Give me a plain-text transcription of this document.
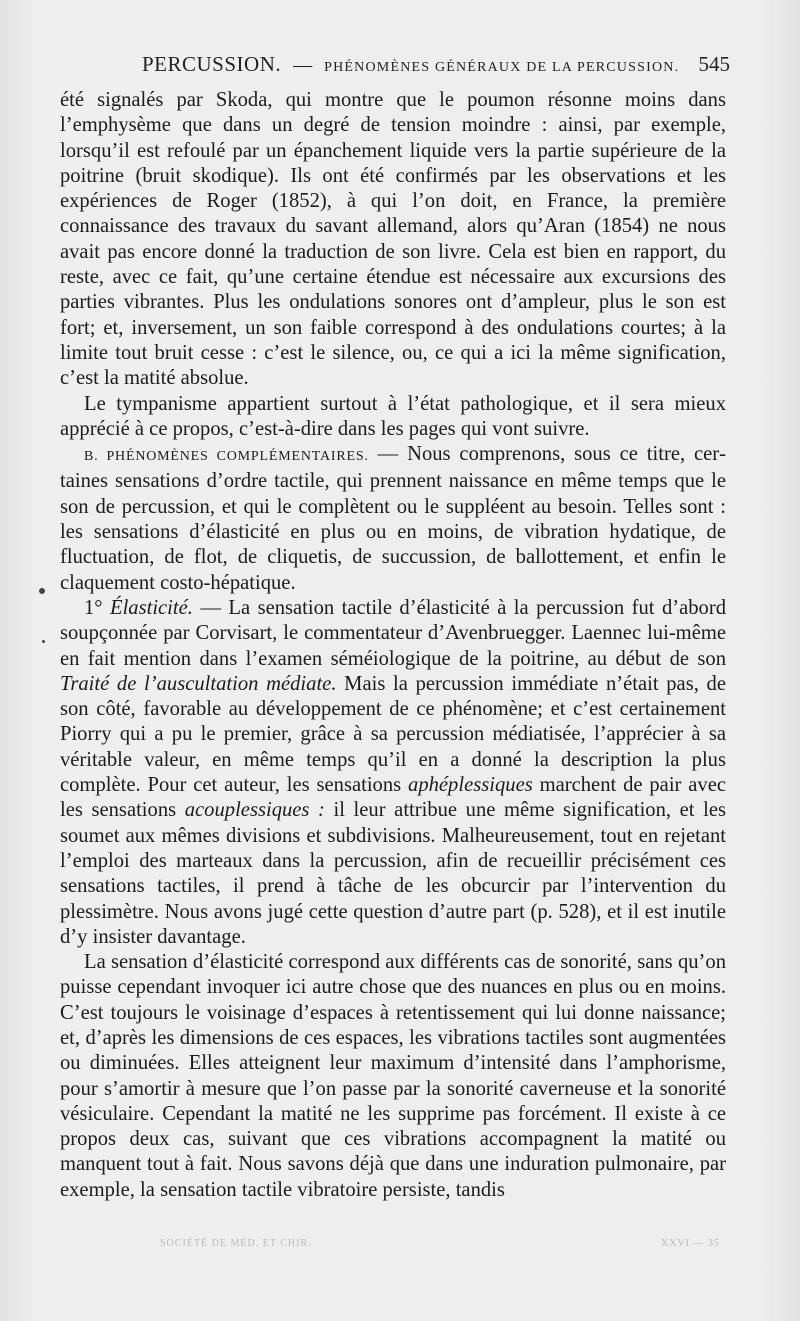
PERCUSSION. — PHÉNOMÈNES GÉNÉRAUX DE LA PERCUSSION. 545

été signalés par Skoda, qui montre que le poumon résonne moins dans l’emphysème que dans un degré de tension moindre : ainsi, par exemple, lorsqu’il est refoulé par un épanchement liquide vers la partie supérieure de la poitrine (bruit skodique). Ils ont été confirmés par les observations et les expériences de Roger (1852), à qui l’on doit, en France, la première connaissance des travaux du savant allemand, alors qu’Aran (1854) ne nous avait pas encore donné la traduction de son livre. Cela est bien en rapport, du reste, avec ce fait, qu’une certaine étendue est nécessaire aux excursions des parties vibrantes. Plus les ondulations sonores ont d’ampleur, plus le son est fort; et, inversement, un son faible correspond à des ondulations courtes; à la limite tout bruit cesse : c’est le silence, ou, ce qui a ici la même signification, c’est la matité absolue.

Le tympanisme appartient surtout à l’état pathologique, et il sera mieux apprécié à ce propos, c’est-à-dire dans les pages qui vont suivre.

B. PHÉNOMÈNES COMPLÉMENTAIRES. — Nous comprenons, sous ce titre, certaines sensations d’ordre tactile, qui prennent naissance en même temps que le son de percussion, et qui le complètent ou le suppléent au besoin. Telles sont : les sensations d’élasticité en plus ou en moins, de vibration hydatique, de fluctuation, de flot, de cliquetis, de succussion, de ballottement, et enfin le claquement costo-hépatique.

1° Élasticité. — La sensation tactile d’élasticité à la percussion fut d’abord soupçonnée par Corvisart, le commentateur d’Avenbruegger. Laennec lui-même en fait mention dans l’examen séméiologique de la poitrine, au début de son Traité de l’auscultation médiate. Mais la percussion immédiate n’était pas, de son côté, favorable au développement de ce phénomène; et c’est certainement Piorry qui a pu le premier, grâce à sa percussion médiatisée, l’apprécier à sa véritable valeur, en même temps qu’il en a donné la description la plus complète. Pour cet auteur, les sensations aphéplessiques marchent de pair avec les sensations acouplessiques : il leur attribue une même signification, et les soumet aux mêmes divisions et subdivisions. Malheureusement, tout en rejetant l’emploi des marteaux dans la percussion, afin de recueillir précisément ces sensations tactiles, il prend à tâche de les obcurcir par l’intervention du plessimètre. Nous avons jugé cette question d’autre part (p. 528), et il est inutile d’y insister davantage.

La sensation d’élasticité correspond aux différents cas de sonorité, sans qu’on puisse cependant invoquer ici autre chose que des nuances en plus ou en moins. C’est toujours le voisinage d’espaces à retentissement qui lui donne naissance; et, d’après les dimensions de ces espaces, les vibrations tactiles sont augmentées ou diminuées. Elles atteignent leur maximum d’intensité dans l’amphorisme, pour s’amortir à mesure que l’on passe par la sonorité caverneuse et la sonorité vésiculaire. Cependant la matité ne les supprime pas forcément. Il existe à ce propos deux cas, suivant que ces vibrations accompagnent la matité ou manquent tout à fait. Nous savons déjà que dans une induration pulmonaire, par exemple, la sensation tactile vibratoire persiste, tandis

SOCIÉTÉ DE MÉD. ET CHIR.	XXVI — 35
